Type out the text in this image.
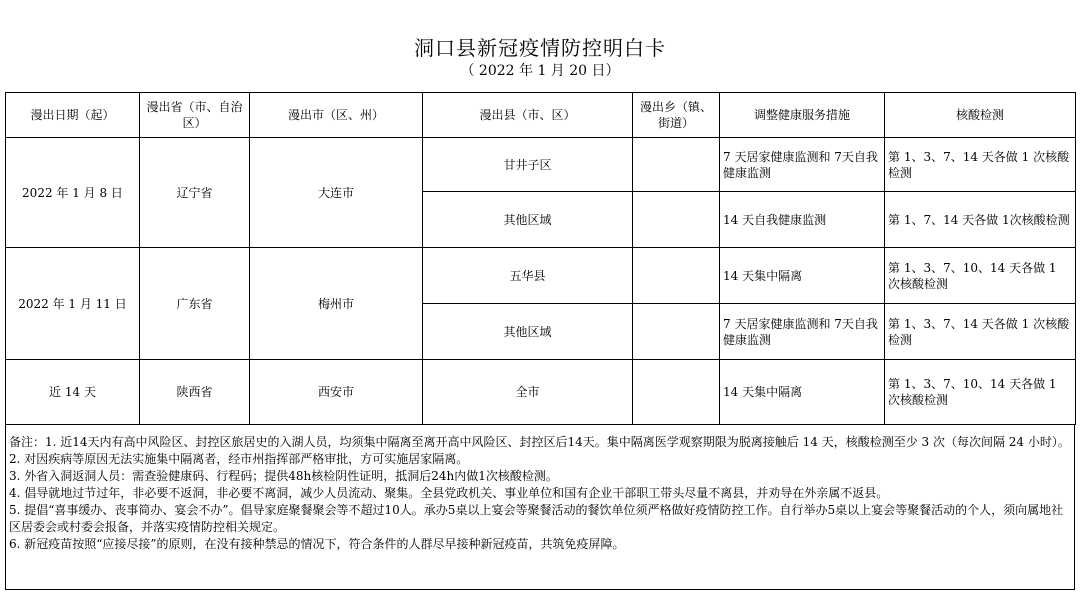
洞口县新冠疫情防控明白卡
（ 2022 年 1 月 20 日）
漫出日期（起）	漫出省（市、自治区）	漫出市（区、州）	漫出县（市、区）	漫出乡（镇、街道）	调整健康服务措施	核酸检测
2022 年 1 月 8 日	辽宁省	大连市	甘井子区		7 天居家健康监测和 7天自我健康监测	第 1、3、7、14 天各做 1 次核酸检测
			其他区域		14 天自我健康监测	第 1、7、14 天各做 1次核酸检测
2022 年 1 月 11 日	广东省	梅州市	五华县		14 天集中隔离	第 1、3、7、10、14 天各做 1 次核酸检测
			其他区域		7 天居家健康监测和 7天自我健康监测	第 1、3、7、14 天各做 1 次核酸检测
近 14 天	陕西省	西安市	全市		14 天集中隔离	第 1、3、7、10、14 天各做 1 次核酸检测
备注：1. 近14天内有高中风险区、封控区旅居史的入湖人员，均须集中隔离至离开高中风险区、封控区后14天。集中隔离医学观察期限为脱离接触后 14 天，核酸检测至少 3 次（每次间隔 24 小时）。
2. 对因疾病等原因无法实施集中隔离者，经市州指挥部严格审批，方可实施居家隔离。
3. 外省入洞返洞人员：需查验健康码、行程码；提供48h核检阴性证明，抵洞后24h内做1次核酸检测。
4. 倡导就地过节过年，非必要不返洞，非必要不离洞，减少人员流动、聚集。全县党政机关、事业单位和国有企业干部职工带头尽量不离县，并劝导在外亲属不返县。
5. 提倡“喜事缓办、丧事简办、宴会不办”。倡导家庭聚餐聚会等不超过10人。承办5桌以上宴会等聚餐活动的餐饮单位须严格做好疫情防控工作。自行举办5桌以上宴会等聚餐活动的个人，须向属地社区居委会或村委会报备，并落实疫情防控相关规定。
6. 新冠疫苗按照“应接尽接”的原则，在没有接种禁忌的情况下，符合条件的人群尽早接种新冠疫苗，共筑免疫屏障。
